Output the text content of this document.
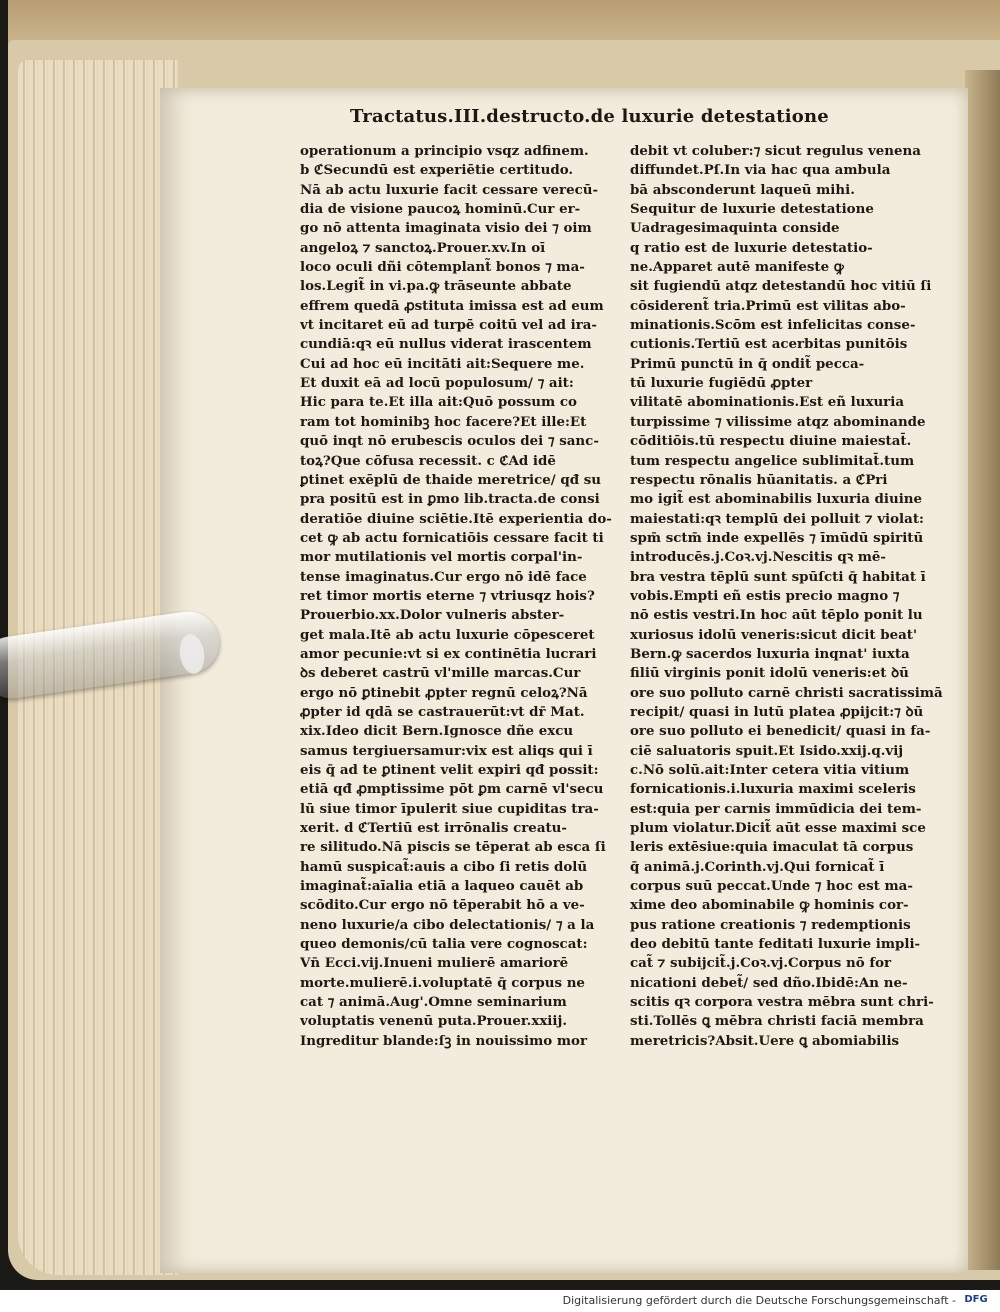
Tractatus.III.destructo.de luxurie detestatione
operationum a principio vsqz adfinem.
b ℭSecundū est experiētie certitudo.
Nā ab actu luxurie facit cessare verecū-
dia de visione paucoꝝ hominū.Cur er-
go nō attenta imaginata visio dei ⁊ oim
angeloꝝ ⁊ sanctoꝝ.Prouer.xv.In oī
loco oculi dñi cōtemplant̃ bonos ⁊ ma-
los.Legit̃ in vi.pa.ꝙ trāseunte abbate
effrem quedā ꝓstituta imissa est ad eum
vt incitaret eū ad turpē coitū vel ad ira-
cundiā:qꝛ eū nullus viderat irascentem
Cui ad hoc eū incitāti ait:Sequere me.
Et duxit eā ad locū populosum/ ⁊ ait:
Hic para te.Et illa ait:Quō possum co
ram tot hominibꝫ hoc facere?Et ille:Et
quō inqt nō erubescis oculos dei ⁊ sanc-
toꝝ?Que cōfusa recessit. c ℭAd idē
ꝑtinet exēplū de thaide meretrice/ qđ su
pra positū est in ꝑmo lib.tracta.de consi
deratiōe diuine sciētie.Itē experientia do-
cet ꝙ ab actu fornicatiōis cessare facit ti
mor mutilationis vel mortis corpal'in-
tense imaginatus.Cur ergo nō idē face
ret timor mortis eterne ⁊ vtriusqz hois?
Prouerbio.xx.Dolor vulneris abster-
get mala.Itē ab actu luxurie cōpesceret
amor pecunie:vt si ex continētia lucrari
ꝺs deberet castrū vl'mille marcas.Cur
ergo nō ꝑtinebit ꝓpter regnū celoꝝ?Nā
ꝓpter id qdā se castrauerūt:vt dr̄ Mat.
xix.Ideo dicit Bern.Ignosce dñe excu
samus tergiuersamur:vix est aliqs qui ī
eis q̄ ad te ꝑtinent velit expiri qđ possit:
etiā qđ ꝓmptissime pōt ꝑm carnē vl'secu
lū siue timor īpulerit siue cupiditas tra-
xerit. d ℭTertiū est irrōnalis creatu-
re silitudo.Nā piscis se tēperat ab esca ſi
hamū suspicat̃:auis a cibo ſi retis dolū
imaginat̃:aīalia etiā a laqueo cauēt ab
scōdito.Cur ergo nō tēperabit hō a ve-
neno luxurie/a cibo delectationis/ ⁊ a la
queo demonis/cū talia vere cognoscat:
Vn̄ Ecci.vij.Inueni mulierē amariorē
morte.mulierē.i.voluptatē q̄ corpus ne
cat ⁊ animā.Aug'.Omne seminarium
voluptatis venenū puta.Prouer.xxiij.
Ingreditur blande:ſꝫ in nouissimo mor
debit vt coluber:⁊ sicut regulus venena
diffundet.Pſ.In via hac qua ambula
bā absconderunt laqueū mihi.
Sequitur de luxurie detestatione
Uadragesimaquinta conside
q ratio est de luxurie detestatio-
ne.Apparet autē manifeste ꝙ
sit fugiendū atqz detestandū hoc vitiū ſi
cōsiderent̃ tria.Primū est vilitas abo-
minationis.Scōm est infelicitas conse-
cutionis.Tertiū est acerbitas punitōis
Primū punctū in q̄ ondit̃ pecca-
tū luxurie fugiēdū ꝓpter
vilitatē abominationis.Est eñ luxuria
turpissime ⁊ vilissime atqz abominande
cōditiōis.tū respectu diuine maiestat̄.
tum respectu angelice sublimitat̄.tum
respectu rōnalis hūanitatis. a ℭPri
mo igit̃ est abominabilis luxuria diuine
maiestati:qꝛ templū dei polluit ⁊ violat:
spm̄ sctm̄ inde expellēs ⁊ īmūdū spiritū
introducēs.j.Coꝛ.vj.Nescitis qꝛ mē-
bra vestra tēplū sunt spūſcti q̄ habitat ī
vobis.Empti eñ estis precio magno ⁊
nō estis vestri.In hoc aūt tēplo ponit lu
xuriosus idolū veneris:sicut dicit beat'
Bern.ꝙ sacerdos luxuria inqnat' iuxta
filiū virginis ponit idolū veneris:et ꝺū
ore suo polluto carnē christi sacratissimā
recipit/ quasi in lutū platea ꝓpijcit:⁊ ꝺū
ore suo polluto ei benedicit/ quasi in fa-
ciē saluatoris spuit.Et Isido.xxij.q.vij
c.Nō solū.ait:Inter cetera vitia vitium
fornicationis.i.luxuria maximi sceleris
est:quia per carnis immūdicia dei tem-
plum violatur.Dicit̃ aūt esse maximi sce
leris extēsiue:quia imaculat tā corpus
q̄ animā.j.Corinth.vj.Qui fornicat̃ ī
corpus suū peccat.Unde ⁊ hoc est ma-
xime deo abominabile ꝙ hominis cor-
pus ratione creationis ⁊ redemptionis
deo debitū tante feditati luxurie impli-
cat̃ ⁊ subijcit̃.j.Coꝛ.vj.Corpus nō for
nicationi debet̃/ sed dño.Ibidē:An ne-
scitis qꝛ corpora vestra mēbra sunt chri-
sti.Tollēs ꝗ mēbra christi faciā membra
meretricis?Absit.Uere ꝗ abomiabilis
Digitalisierung gefördert durch die Deutsche Forschungsgemeinschaft - DFG
